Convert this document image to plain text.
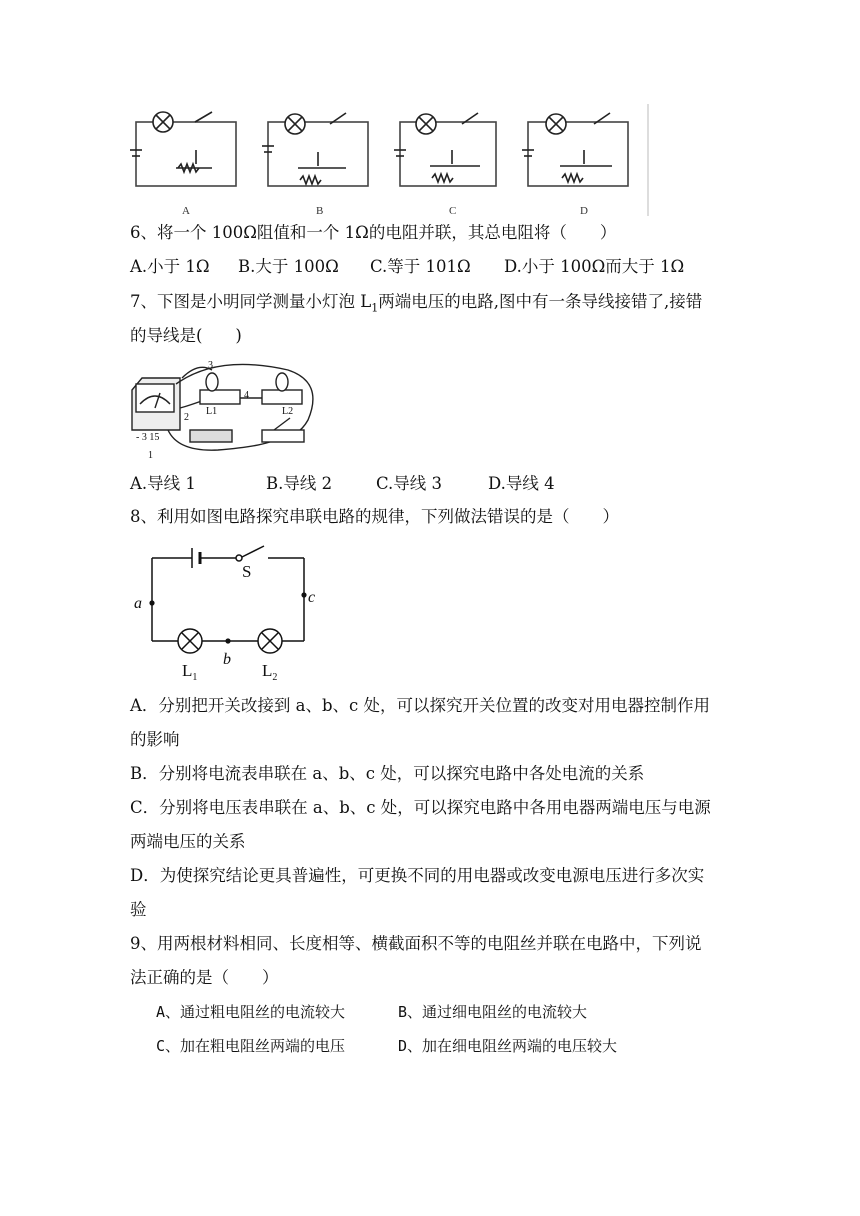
A	B	C	D
6、将一个 100Ω阻值和一个 1Ω的电阻并联，其总电阻将（　　）
A.小于 1Ω B.大于 100Ω C.等于 101Ω D.小于 100Ω而大于 1Ω
7、下图是小明同学测量小灯泡 $L_1$两端电压的电路,图中有一条导线接错了,接错
的导线是(　　)
1
2
3
4
L1	L2
- 3 15
A.导线 1	B.导线 2	C.导线 3	D.导线 4
8、利用如图电路探究串联电路的规律，下列做法错误的是（　　）
S
a
b
c
$L_1$	$L_2$
A．分别把开关改接到 a、b、c 处，可以探究开关位置的改变对用电器控制作用
的影响
B．分别将电流表串联在 a、b、c 处，可以探究电路中各处电流的关系
C．分别将电压表串联在 a、b、c 处，可以探究电路中各用电器两端电压与电源
两端电压的关系
D．为使探究结论更具普遍性，可更换不同的用电器或改变电源电压进行多次实
验
9、用两根材料相同、长度相等、横截面积不等的电阻丝并联在电路中，下列说
法正确的是（　　）
A、通过粗电阻丝的电流较大	B、通过细电阻丝的电流较大
C、加在粗电阻丝两端的电压	D、加在细电阻丝两端的电压较大
